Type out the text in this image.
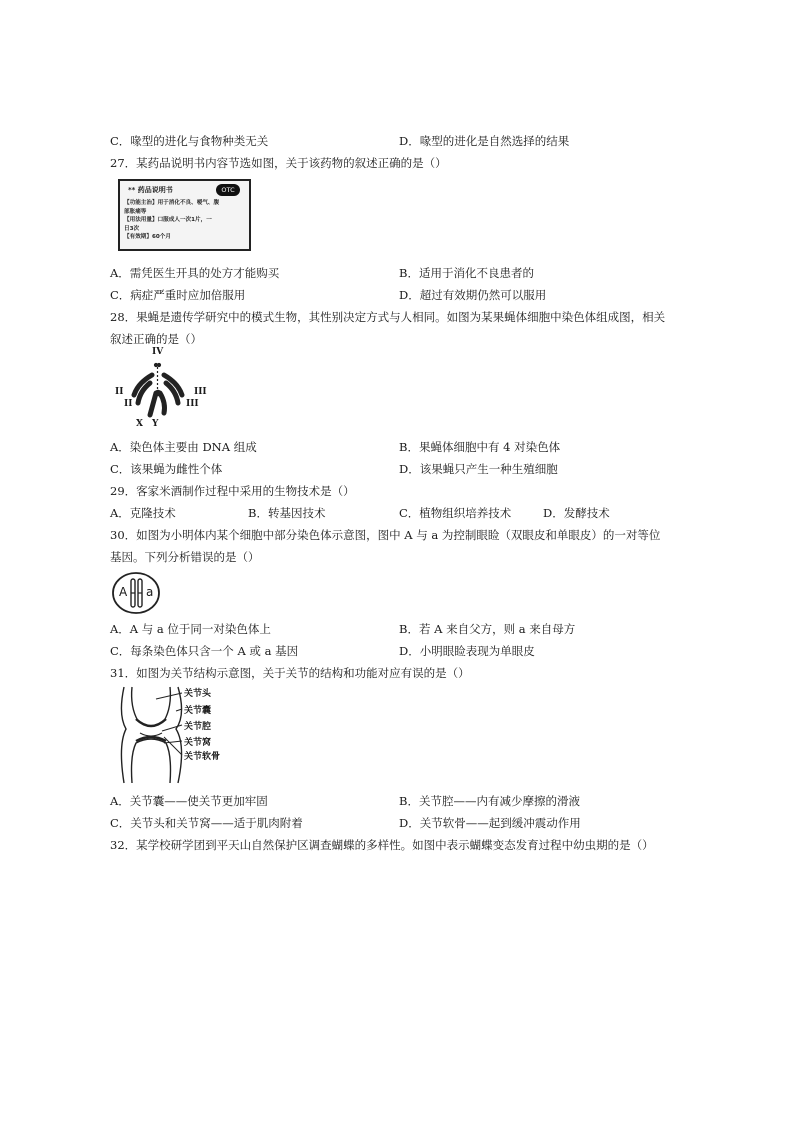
C．喙型的进化与食物种类无关	D．喙型的进化是自然选择的结果
27．某药品说明书内容节选如图，关于该药物的叙述正确的是（）
** 药品说明书	OTC
【功能主治】用于消化不良、嗳气、腹
部胀痛等
【用法用量】口服成人一次1片，一
日3次
【有效期】60个月
A．需凭医生开具的处方才能购买	B．适用于消化不良患者的
C．病症严重时应加倍服用	D．超过有效期仍然可以服用
28．果蝇是遗传学研究中的模式生物，其性别决定方式与人相同。如图为某果蝇体细胞中染色体组成图，相关
叙述正确的是（）
IV
II
II
III
III
X Y
A．染色体主要由 DNA 组成	B．果蝇体细胞中有 4 对染色体
C．该果蝇为雌性个体	D．该果蝇只产生一种生殖细胞
29．客家米酒制作过程中采用的生物技术是（）
A．克隆技术	B．转基因技术	C．植物组织培养技术	D．发酵技术
30．如图为小明体内某个细胞中部分染色体示意图，图中 A 与 a 为控制眼睑（双眼皮和单眼皮）的一对等位
基因。下列分析错误的是（）
A a
A．A 与 a 位于同一对染色体上	B．若 A 来自父方，则 a 来自母方
C．每条染色体只含一个 A 或 a 基因	D．小明眼睑表现为单眼皮
31．如图为关节结构示意图，关于关节的结构和功能对应有误的是（）
关节头
关节囊
关节腔
关节窝
关节软骨
A．关节囊——使关节更加牢固	B．关节腔——内有减少摩擦的滑液
C．关节头和关节窝——适于肌肉附着	D．关节软骨——起到缓冲震动作用
32．某学校研学团到平天山自然保护区调查蝴蝶的多样性。如图中表示蝴蝶变态发育过程中幼虫期的是（）
